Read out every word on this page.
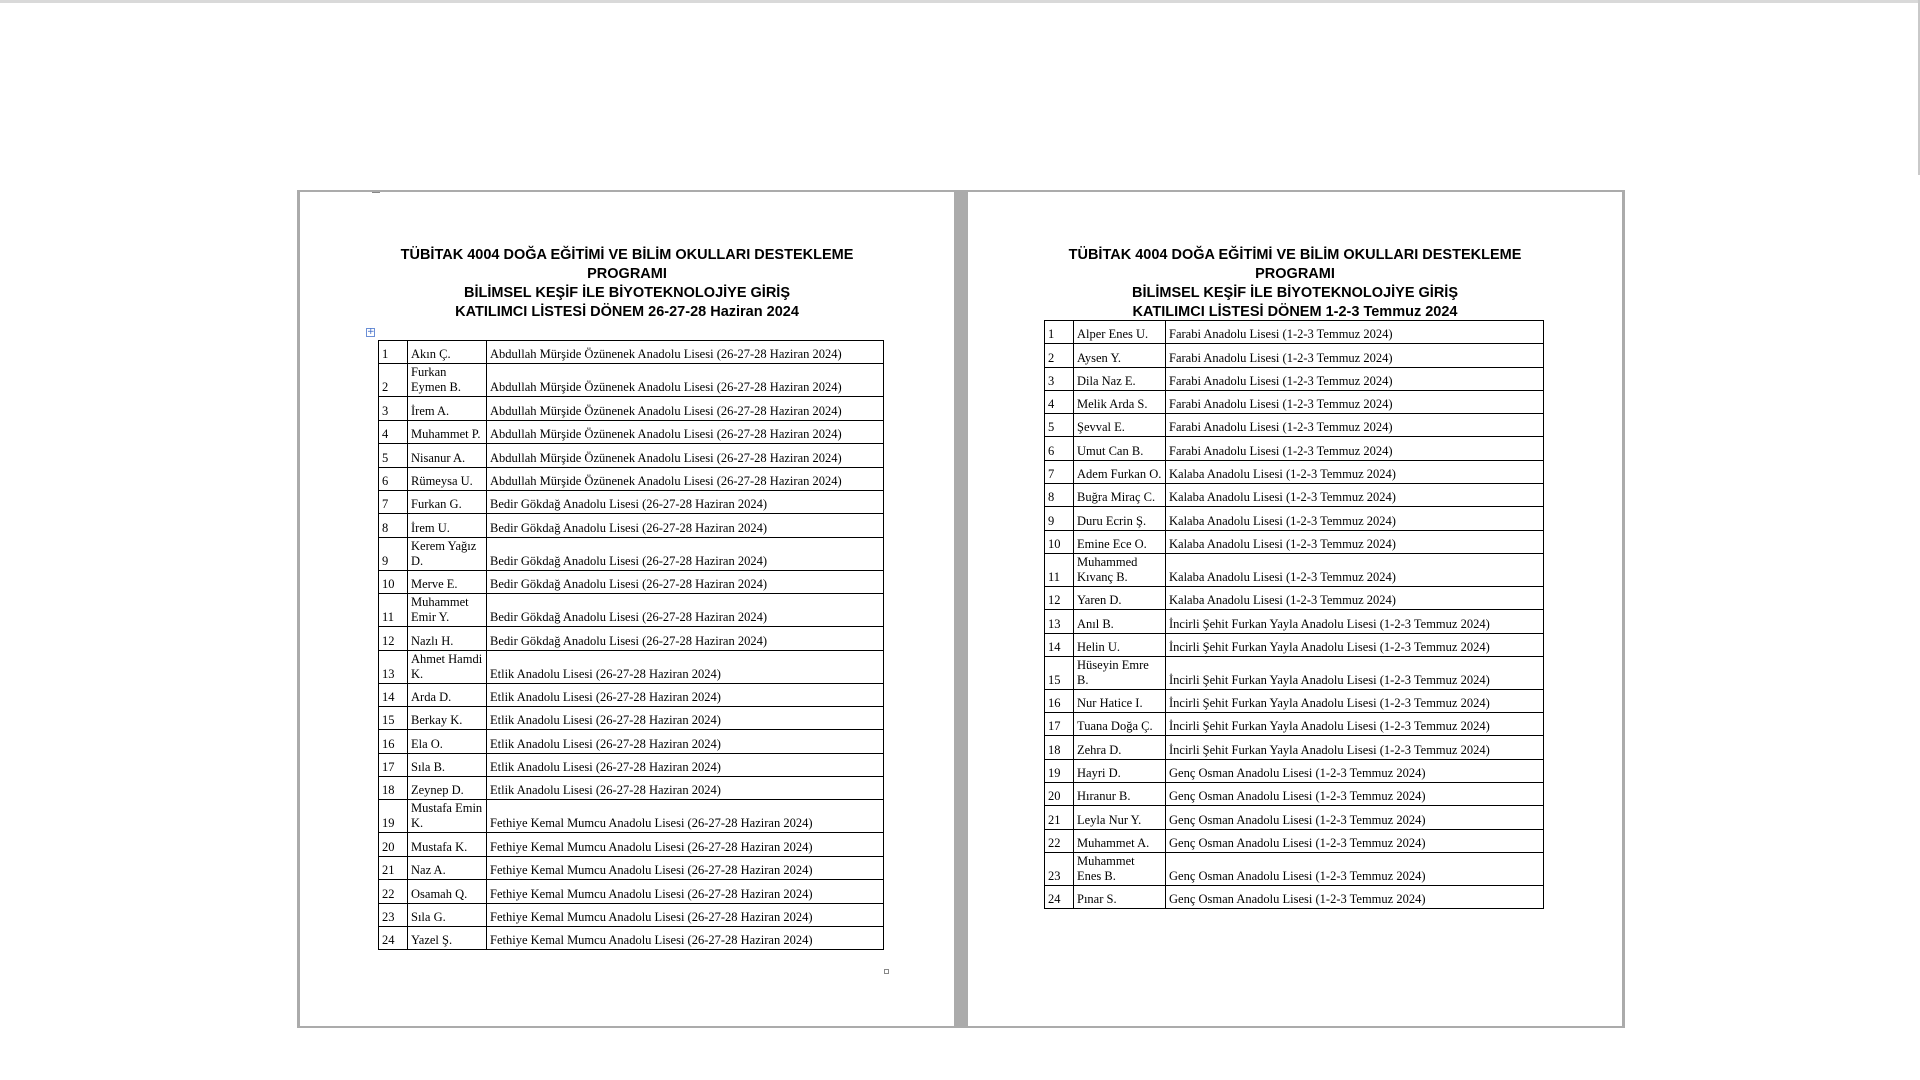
TÜBİTAK 4004 DOĞA EĞİTİMİ VE BİLİM OKULLARI DESTEKLEME
PROGRAMI
BİLİMSEL KEŞİF İLE BİYOTEKNOLOJİYE GİRİŞ
KATILIMCI LİSTESİ DÖNEM 26-27-28 Haziran 2024
+
1	Akın Ç.	Abdullah Mürşide Özünenek Anadolu Lisesi (26-27-28 Haziran 2024)
2	Furkan Eymen B.	Abdullah Mürşide Özünenek Anadolu Lisesi (26-27-28 Haziran 2024)
3	İrem A.	Abdullah Mürşide Özünenek Anadolu Lisesi (26-27-28 Haziran 2024)
4	Muhammet P.	Abdullah Mürşide Özünenek Anadolu Lisesi (26-27-28 Haziran 2024)
5	Nisanur A.	Abdullah Mürşide Özünenek Anadolu Lisesi (26-27-28 Haziran 2024)
6	Rümeysa U.	Abdullah Mürşide Özünenek Anadolu Lisesi (26-27-28 Haziran 2024)
7	Furkan G.	Bedir Gökdağ Anadolu Lisesi (26-27-28 Haziran 2024)
8	İrem U.	Bedir Gökdağ Anadolu Lisesi (26-27-28 Haziran 2024)
9	Kerem Yağız D.	Bedir Gökdağ Anadolu Lisesi (26-27-28 Haziran 2024)
10	Merve E.	Bedir Gökdağ Anadolu Lisesi (26-27-28 Haziran 2024)
11	Muhammet Emir Y.	Bedir Gökdağ Anadolu Lisesi (26-27-28 Haziran 2024)
12	Nazlı H.	Bedir Gökdağ Anadolu Lisesi (26-27-28 Haziran 2024)
13	Ahmet Hamdi K.	Etlik Anadolu Lisesi (26-27-28 Haziran 2024)
14	Arda D.	Etlik Anadolu Lisesi (26-27-28 Haziran 2024)
15	Berkay K.	Etlik Anadolu Lisesi (26-27-28 Haziran 2024)
16	Ela O.	Etlik Anadolu Lisesi (26-27-28 Haziran 2024)
17	Sıla B.	Etlik Anadolu Lisesi (26-27-28 Haziran 2024)
18	Zeynep D.	Etlik Anadolu Lisesi (26-27-28 Haziran 2024)
19	Mustafa Emin K.	Fethiye Kemal Mumcu Anadolu Lisesi (26-27-28 Haziran 2024)
20	Mustafa K.	Fethiye Kemal Mumcu Anadolu Lisesi (26-27-28 Haziran 2024)
21	Naz A.	Fethiye Kemal Mumcu Anadolu Lisesi (26-27-28 Haziran 2024)
22	Osamah Q.	Fethiye Kemal Mumcu Anadolu Lisesi (26-27-28 Haziran 2024)
23	Sıla G.	Fethiye Kemal Mumcu Anadolu Lisesi (26-27-28 Haziran 2024)
24	Yazel Ş.	Fethiye Kemal Mumcu Anadolu Lisesi (26-27-28 Haziran 2024)
TÜBİTAK 4004 DOĞA EĞİTİMİ VE BİLİM OKULLARI DESTEKLEME
PROGRAMI
BİLİMSEL KEŞİF İLE BİYOTEKNOLOJİYE GİRİŞ
KATILIMCI LİSTESİ DÖNEM 1-2-3 Temmuz 2024
1	Alper Enes U.	Farabi Anadolu Lisesi (1-2-3 Temmuz 2024)
2	Aysen Y.	Farabi Anadolu Lisesi (1-2-3 Temmuz 2024)
3	Dila Naz E.	Farabi Anadolu Lisesi (1-2-3 Temmuz 2024)
4	Melik Arda S.	Farabi Anadolu Lisesi (1-2-3 Temmuz 2024)
5	Şevval E.	Farabi Anadolu Lisesi (1-2-3 Temmuz 2024)
6	Umut Can B.	Farabi Anadolu Lisesi (1-2-3 Temmuz 2024)
7	Adem Furkan O.	Kalaba Anadolu Lisesi (1-2-3 Temmuz 2024)
8	Buğra Miraç C.	Kalaba Anadolu Lisesi (1-2-3 Temmuz 2024)
9	Duru Ecrin Ş.	Kalaba Anadolu Lisesi (1-2-3 Temmuz 2024)
10	Emine Ece O.	Kalaba Anadolu Lisesi (1-2-3 Temmuz 2024)
11	Muhammed Kıvanç B.	Kalaba Anadolu Lisesi (1-2-3 Temmuz 2024)
12	Yaren D.	Kalaba Anadolu Lisesi (1-2-3 Temmuz 2024)
13	Anıl B.	İncirli Şehit Furkan Yayla Anadolu Lisesi (1-2-3 Temmuz 2024)
14	Helin U.	İncirli Şehit Furkan Yayla Anadolu Lisesi (1-2-3 Temmuz 2024)
15	Hüseyin Emre B.	İncirli Şehit Furkan Yayla Anadolu Lisesi (1-2-3 Temmuz 2024)
16	Nur Hatice I.	İncirli Şehit Furkan Yayla Anadolu Lisesi (1-2-3 Temmuz 2024)
17	Tuana Doğa Ç.	İncirli Şehit Furkan Yayla Anadolu Lisesi (1-2-3 Temmuz 2024)
18	Zehra D.	İncirli Şehit Furkan Yayla Anadolu Lisesi (1-2-3 Temmuz 2024)
19	Hayri D.	Genç Osman Anadolu Lisesi (1-2-3 Temmuz 2024)
20	Hıranur B.	Genç Osman Anadolu Lisesi (1-2-3 Temmuz 2024)
21	Leyla Nur Y.	Genç Osman Anadolu Lisesi (1-2-3 Temmuz 2024)
22	Muhammet A.	Genç Osman Anadolu Lisesi (1-2-3 Temmuz 2024)
23	Muhammet Enes B.	Genç Osman Anadolu Lisesi (1-2-3 Temmuz 2024)
24	Pınar S.	Genç Osman Anadolu Lisesi (1-2-3 Temmuz 2024)
